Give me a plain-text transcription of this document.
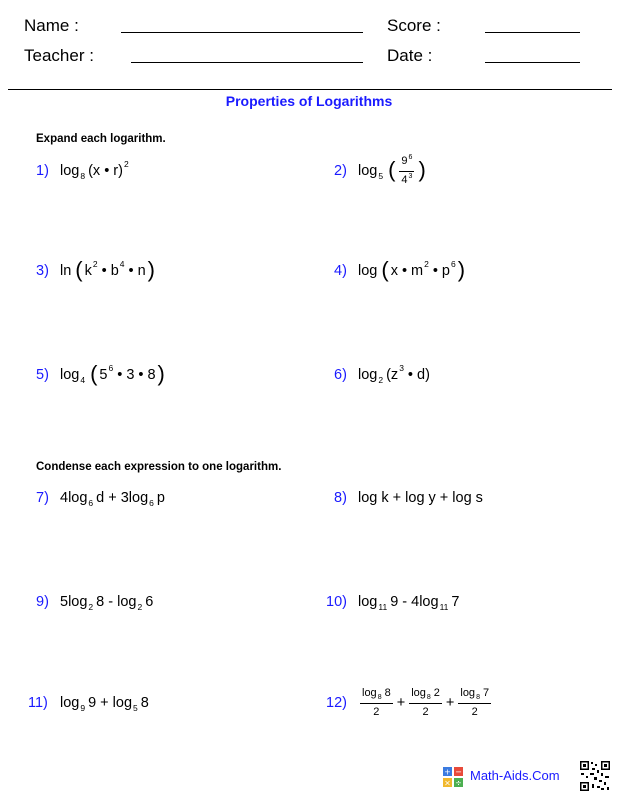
Name :	Score :
Teacher :	Date :
Properties of Logarithms
Expand each logarithm.
1) log 8 (x • r) 2	2) log 5 ( $\frac{9^6}{4^3}$ )
3) ln ( k 2 • b 4 • n )	4) log ( x • m 2 • p 6 )
5) log 4 ( 5 6 • 3 • 8 )	6) log 2 (z 3 • d)
Condense each expression to one logarithm.
7) 4log 6 d + 3log 6 p	8) log k + log y + log s
9) 5log 2 8 - log 2 6	10) log 11 9 - 4log 11 7
11) log 9 9 + log 5 8	12)	$\frac{\log_8 8}{2} + \frac{\log_8 2}{2} + \frac{\log_8 7}{2}$
+ −
× ÷ Math-Aids.Com
